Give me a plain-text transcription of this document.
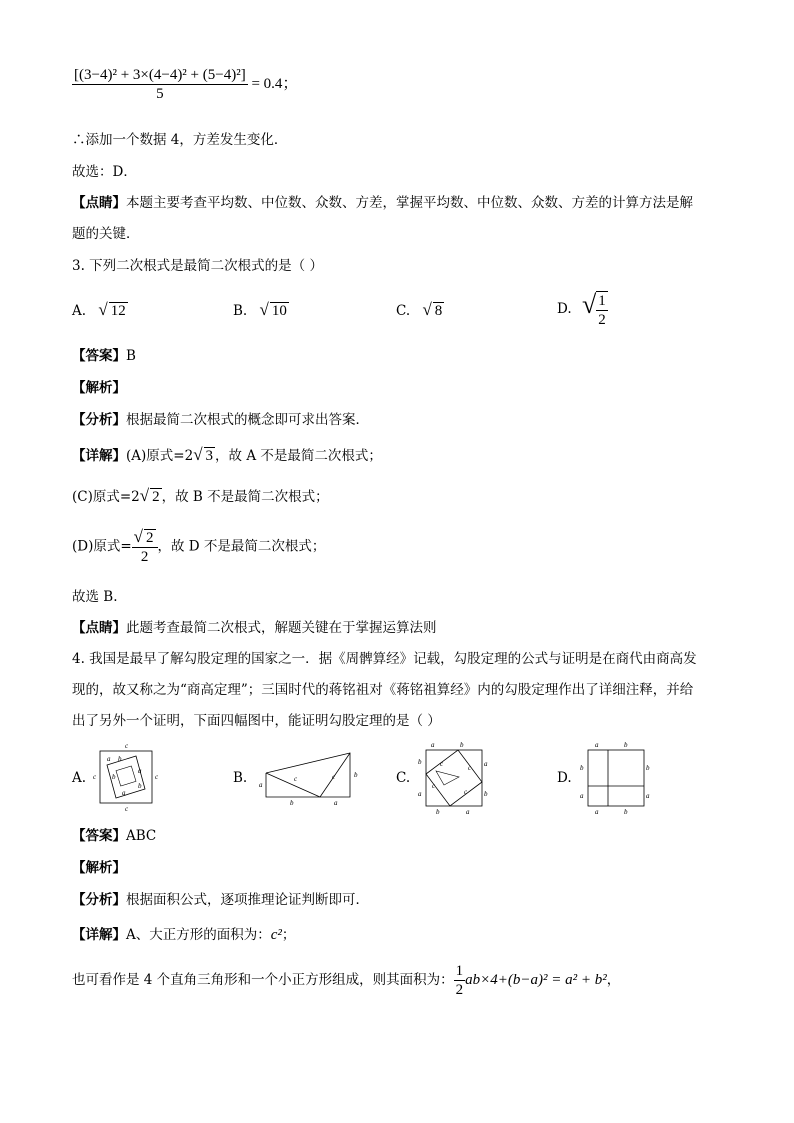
$\frac{\text{[(3−4)² + 3×(4−4)² + (5−4)²]}}{5} = 0.4$；
∴添加一个数据 4，方差发生变化．
故选：D．
【点睛】本题主要考查平均数、中位数、众数、方差，掌握平均数、中位数、众数、方差的计算方法是解
题的关键．
3. 下列二次根式是最简二次根式的是（ ）
A. √ 12	B. √ 10	C. √ 8	D. √ $\frac{1}{2}$
【答案】B
【解析】
【分析】根据最简二次根式的概念即可求出答案．
【详解】(A)原式=2√ 3 ，故 A 不是最简二次根式；
(C)原式=2√ 2 ，故 B 不是最简二次根式；
(D)原式= $\frac{√ 2}{2}$ ，故 D 不是最简二次根式；
故选 B.
【点睛】此题考查最简二次根式，解题关键在于掌握运算法则
4. 我国是最早了解勾股定理的国家之一．据《周髀算经》记载，勾股定理的公式与证明是在商代由商高发
现的，故又称之为“商高定理”；三国时代的蒋铭祖对《蒋铭祖算经》内的勾股定理作出了详细注释，并给
出了另外一个证明，下面四幅图中，能证明勾股定理的是（ ）
A.
c
c
c	c
a b
b
a
b
a
B. a
b	a
b
c	c	C.
a	b
b
a
a
b
b	a
c	c
c
c
D.
a	b
b
a
b
a
a	b
【答案】ABC
【解析】
【分析】根据面积公式，逐项推理论证判断即可．
【详解】A、大正方形的面积为：c²；
也可看作是 4 个直角三角形和一个小正方形组成，则其面积为： $\frac{1}{2} ab\times 4+(b-a)^2 = a^2 + b^2$，
